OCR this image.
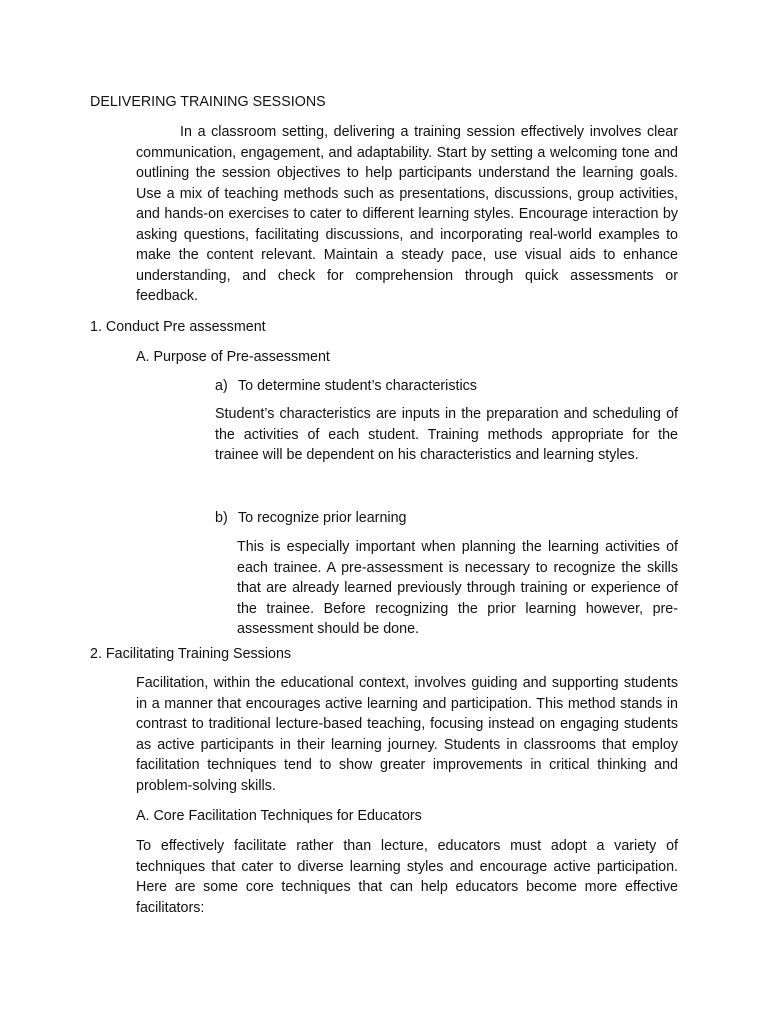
DELIVERING TRAINING SESSIONS

In a classroom setting, delivering a training session effectively involves clear communication, engagement, and adaptability. Start by setting a welcoming tone and outlining the session objectives to help participants understand the learning goals. Use a mix of teaching methods such as presentations, discussions, group activities, and hands-on exercises to cater to different learning styles. Encourage interaction by asking questions, facilitating discussions, and incorporating real-world examples to make the content relevant. Maintain a steady pace, use visual aids to enhance understanding, and check for comprehension through quick assessments or feedback.

1. Conduct Pre assessment
A. Purpose of Pre-assessment
a) To determine student’s characteristics

Student’s characteristics are inputs in the preparation and scheduling of the activities of each student. Training methods appropriate for the trainee will be dependent on his characteristics and learning styles.

b) To recognize prior learning

This is especially important when planning the learning activities of each trainee. A pre-assessment is necessary to recognize the skills that are already learned previously through training or experience of the trainee. Before recognizing the prior learning however, pre-assessment should be done.

2. Facilitating Training Sessions

Facilitation, within the educational context, involves guiding and supporting students in a manner that encourages active learning and participation. This method stands in contrast to traditional lecture-based teaching, focusing instead on engaging students as active participants in their learning journey. Students in classrooms that employ facilitation techniques tend to show greater improvements in critical thinking and problem-solving skills.

A. Core Facilitation Techniques for Educators

To effectively facilitate rather than lecture, educators must adopt a variety of techniques that cater to diverse learning styles and encourage active participation. Here are some core techniques that can help educators become more effective facilitators:
